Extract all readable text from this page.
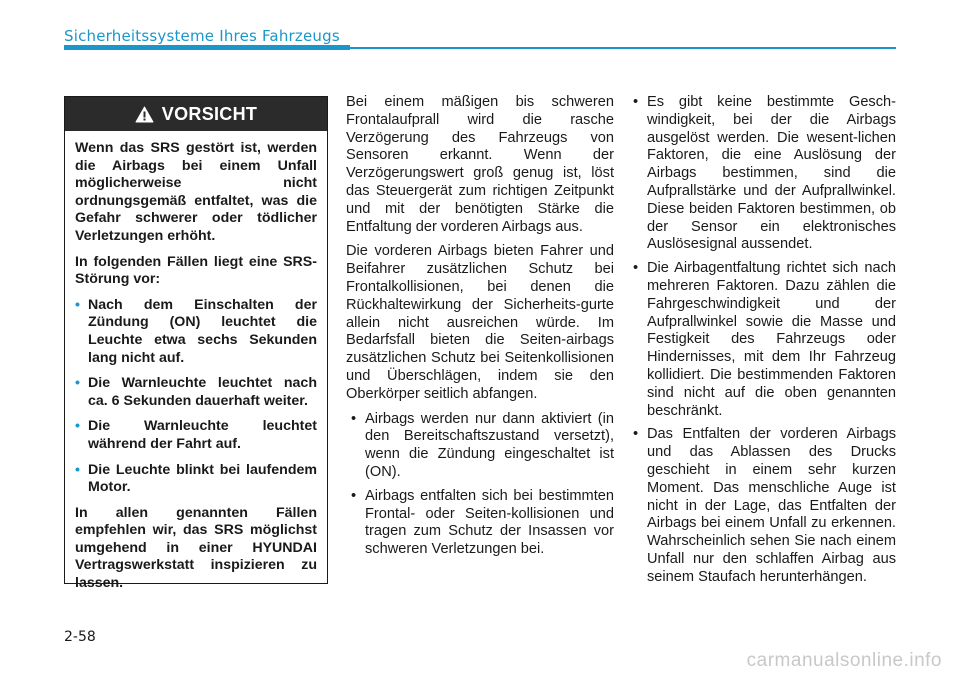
Sicherheitssysteme Ihres Fahrzeugs
VORSICHT

Wenn das SRS gestört ist, werden die Airbags bei einem Unfall möglicherweise nicht ordnungsgemäß entfaltet, was die Gefahr schwerer oder tödlicher Verletzungen erhöht.

In folgenden Fällen liegt eine SRS-Störung vor:

• Nach dem Einschalten der Zündung (ON) leuchtet die Leuchte etwa sechs Sekunden lang nicht auf.
• Die Warnleuchte leuchtet nach ca. 6 Sekunden dauerhaft weiter.
• Die Warnleuchte leuchtet während der Fahrt auf.
• Die Leuchte blinkt bei laufendem Motor.

In allen genannten Fällen empfehlen wir, das SRS möglichst umgehend in einer HYUNDAI Vertragswerkstatt inspizieren zu lassen.

Bei einem mäßigen bis schweren Frontalaufprall wird die rasche Verzögerung des Fahrzeugs von Sensoren erkannt. Wenn der Verzögerungswert groß genug ist, löst das Steuergerät zum richtigen Zeitpunkt und mit der benötigten Stärke die Entfaltung der vorderen Airbags aus.

Die vorderen Airbags bieten Fahrer und Beifahrer zusätzlichen Schutz bei Frontalkollisionen, bei denen die Rückhaltewirkung der Sicherheits-gurte allein nicht ausreichen würde. Im Bedarfsfall bieten die Seiten-airbags zusätzlichen Schutz bei Seitenkollisionen und Überschlägen, indem sie den Oberkörper seitlich abfangen.

• Airbags werden nur dann aktiviert (in den Bereitschaftszustand versetzt), wenn die Zündung eingeschaltet ist (ON).
• Airbags entfalten sich bei bestimmten Frontal- oder Seiten-kollisionen und tragen zum Schutz der Insassen vor schweren Verletzungen bei.
• Es gibt keine bestimmte Gesch-windigkeit, bei der die Airbags ausgelöst werden. Die wesent-lichen Faktoren, die eine Auslösung der Airbags bestimmen, sind die Aufprallstärke und der Aufprallwinkel. Diese beiden Faktoren bestimmen, ob der Sensor ein elektronisches Auslösesignal aussendet.
• Die Airbagentfaltung richtet sich nach mehreren Faktoren. Dazu zählen die Fahrgeschwindigkeit und der Aufprallwinkel sowie die Masse und Festigkeit des Fahrzeugs oder Hindernisses, mit dem Ihr Fahrzeug kollidiert. Die bestimmenden Faktoren sind nicht auf die oben genannten beschränkt.
• Das Entfalten der vorderen Airbags und das Ablassen des Drucks geschieht in einem sehr kurzen Moment. Das menschliche Auge ist nicht in der Lage, das Entfalten der Airbags bei einem Unfall zu erkennen. Wahrscheinlich sehen Sie nach einem Unfall nur den schlaffen Airbag aus seinem Staufach herunterhängen.
2-58
carmanualsonline.info
